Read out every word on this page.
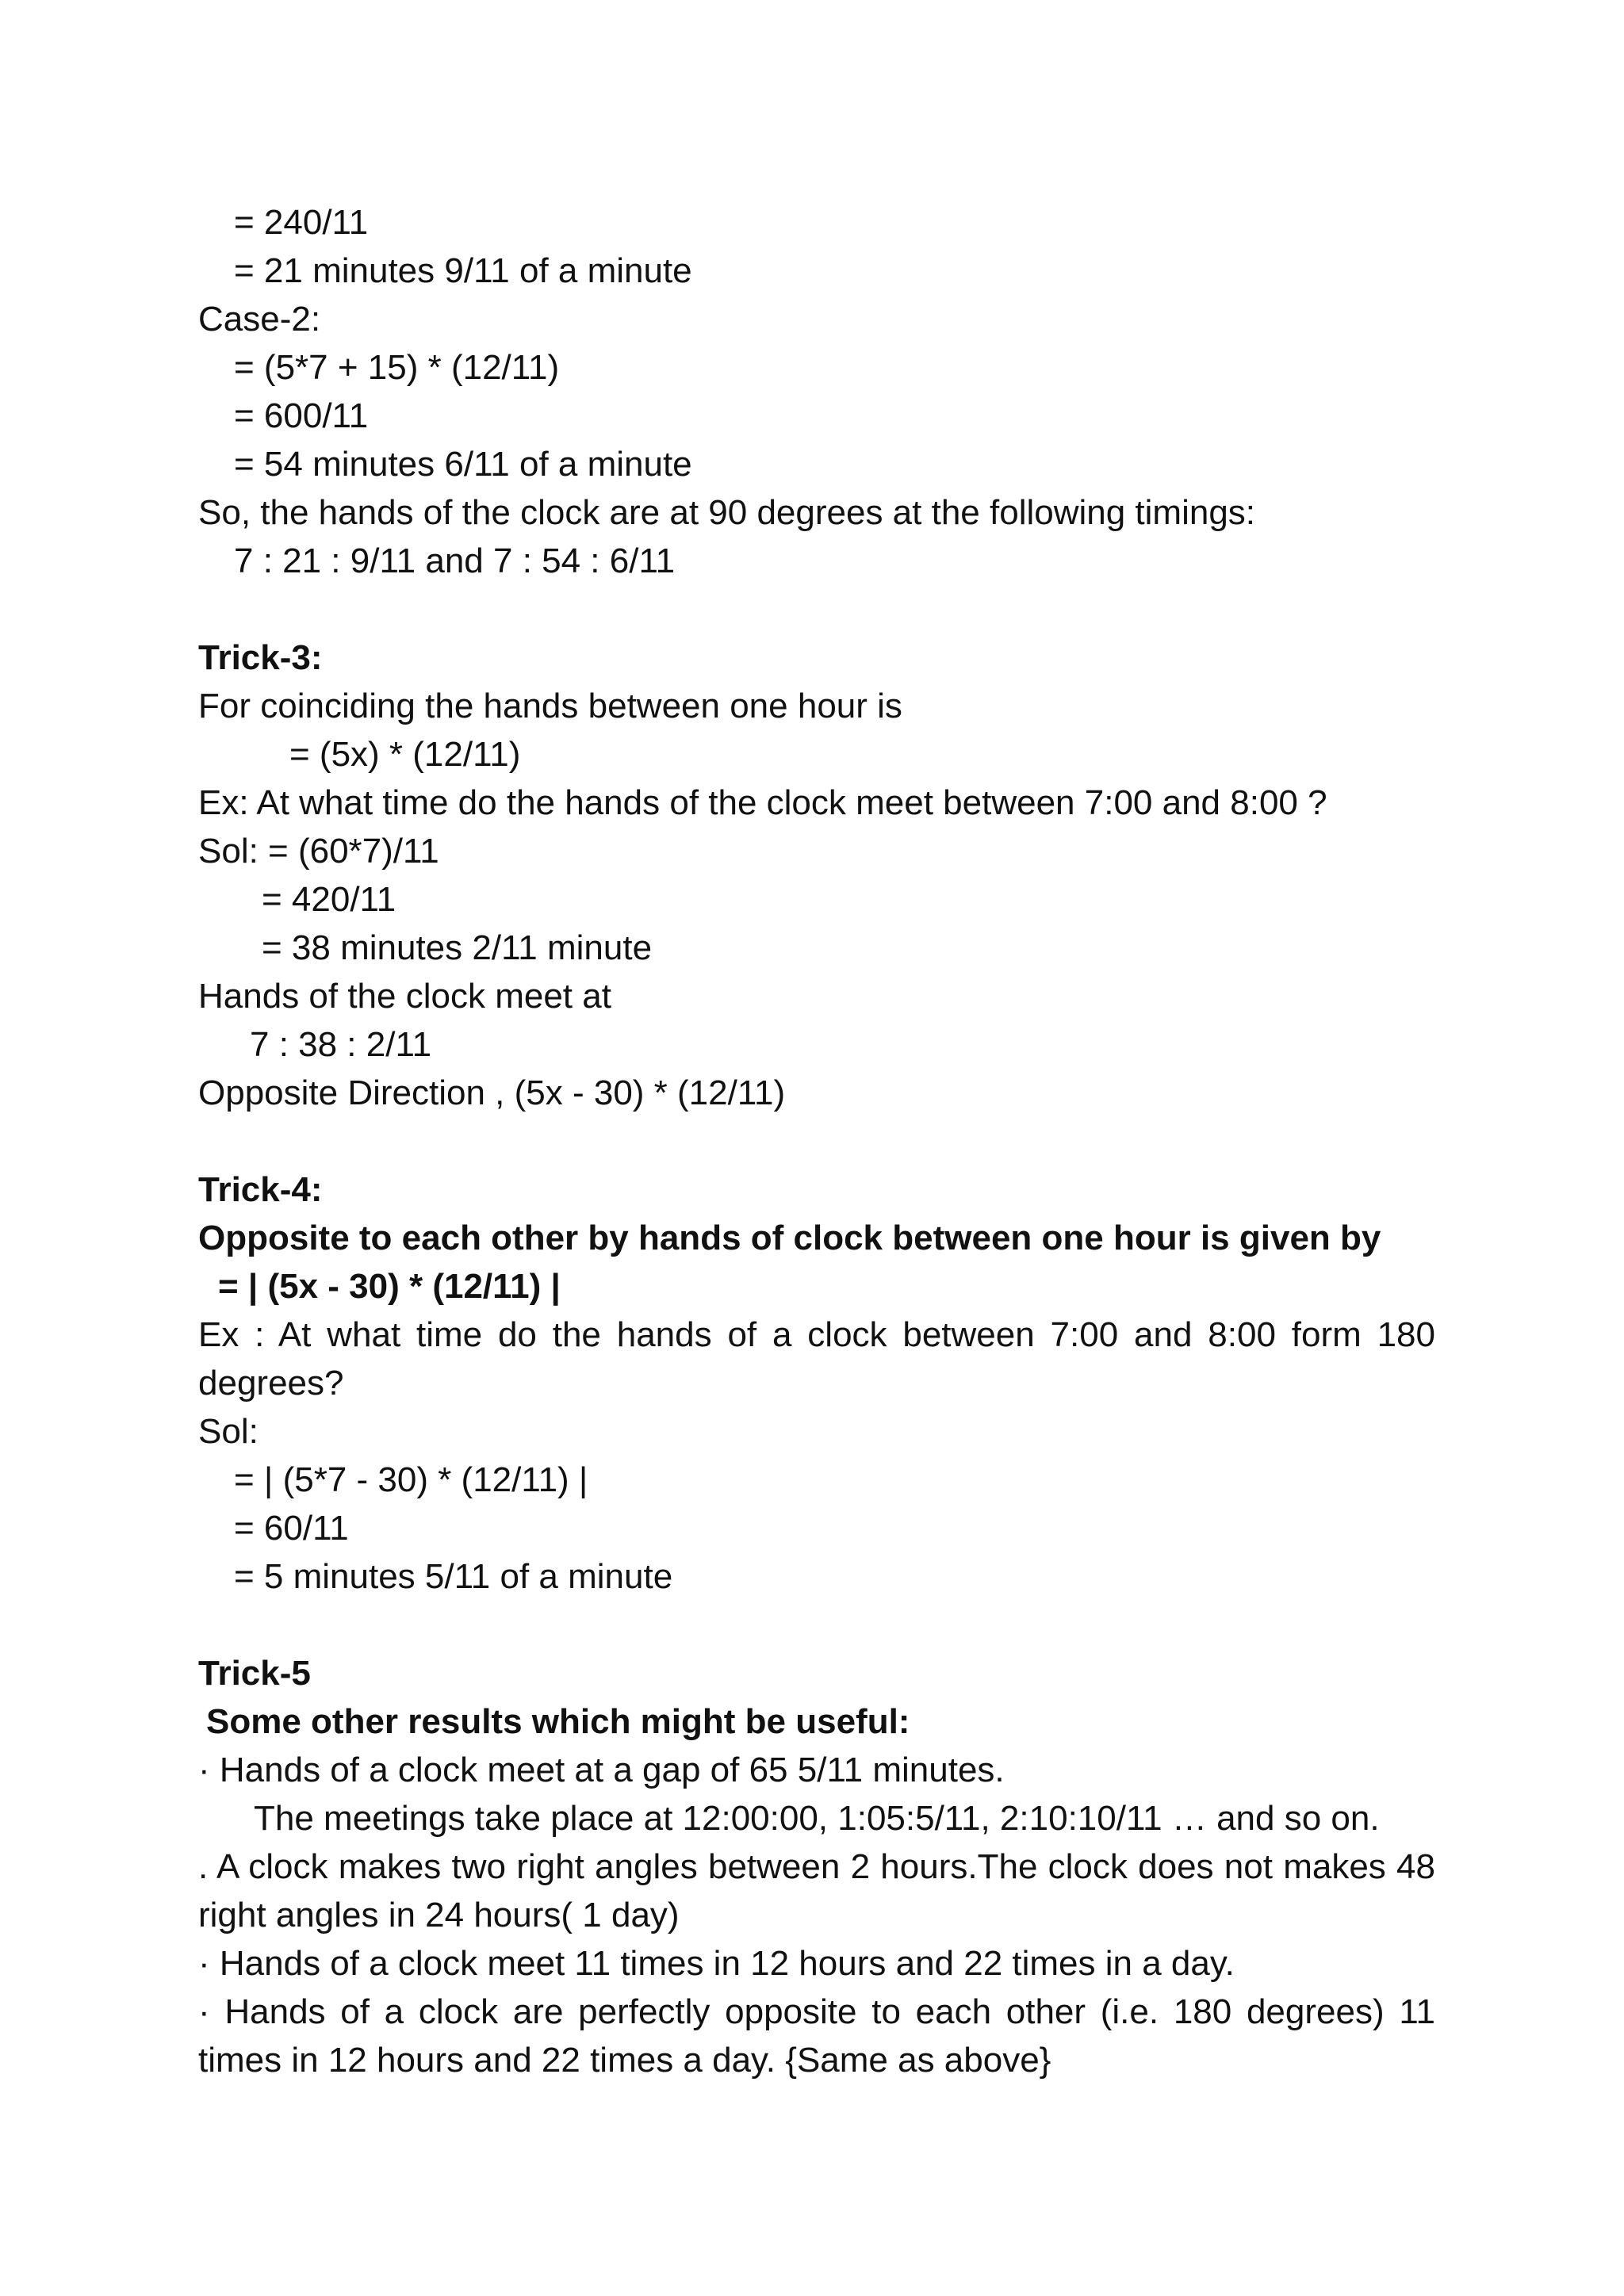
= 240/11
= 21 minutes 9/11 of a minute
Case-2:
= (5*7 + 15) * (12/11)
= 600/11
= 54 minutes 6/11 of a minute
So, the hands of the clock are at 90 degrees at the following timings:
7 : 21 : 9/11 and 7 : 54 : 6/11
Trick-3:
For coinciding the hands between one hour is
= (5x) * (12/11)
Ex: At what time do the hands of the clock meet between 7:00 and 8:00 ?
Sol: = (60*7)/11
= 420/11
= 38 minutes 2/11 minute
Hands of the clock meet at
7 : 38 : 2/11
Opposite Direction , (5x - 30) * (12/11)
Trick-4:
Opposite to each other by hands of clock between one hour is given by
= | (5x - 30) * (12/11) |
Ex : At what time do the hands of a clock between 7:00 and 8:00 form 180 degrees?
Sol:
= | (5*7 - 30) * (12/11) |
= 60/11
= 5 minutes 5/11 of a minute
Trick-5
Some other results which might be useful:
· Hands of a clock meet at a gap of 65 5/11 minutes.
The meetings take place at 12:00:00, 1:05:5/11, 2:10:10/11 … and so on.
. A clock makes two right angles between 2 hours.The clock does not makes 48 right angles in 24 hours( 1 day)
· Hands of a clock meet 11 times in 12 hours and 22 times in a day.
· Hands of a clock are perfectly opposite to each other (i.e. 180 degrees) 11 times in 12 hours and 22 times a day. {Same as above}
